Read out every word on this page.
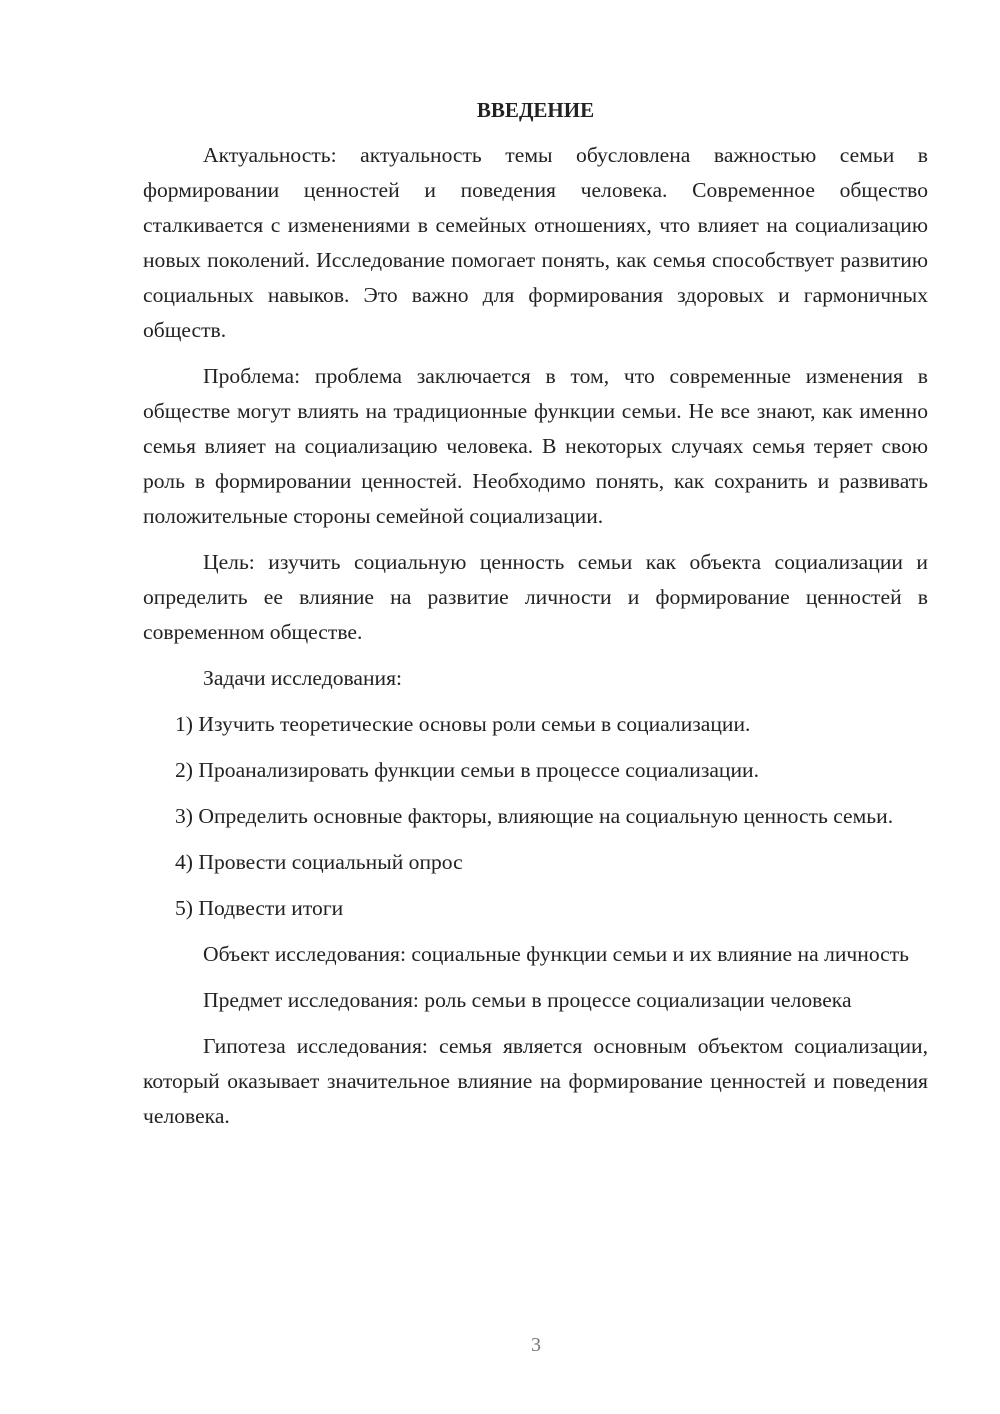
ВВЕДЕНИЕ

Актуальность: актуальность темы обусловлена важностью семьи в формировании ценностей и поведения человека. Современное общество сталкивается с изменениями в семейных отношениях, что влияет на социализацию новых поколений. Исследование помогает понять, как семья способствует развитию социальных навыков. Это важно для формирования здоровых и гармоничных обществ.

Проблема: проблема заключается в том, что современные изменения в обществе могут влиять на традиционные функции семьи. Не все знают, как именно семья влияет на социализацию человека. В некоторых случаях семья теряет свою роль в формировании ценностей. Необходимо понять, как сохранить и развивать положительные стороны семейной социализации.

Цель: изучить социальную ценность семьи как объекта социализации и определить ее влияние на развитие личности и формирование ценностей в современном обществе.

Задачи исследования:

1) Изучить теоретические основы роли семьи в социализации.

2) Проанализировать функции семьи в процессе социализации.

3) Определить основные факторы, влияющие на социальную ценность семьи.

4) Провести социальный опрос

5) Подвести итоги

Объект исследования: социальные функции семьи и их влияние на личность

Предмет исследования: роль семьи в процессе социализации человека

Гипотеза исследования: семья является основным объектом социализации, который оказывает значительное влияние на формирование ценностей и поведения человека.

3
